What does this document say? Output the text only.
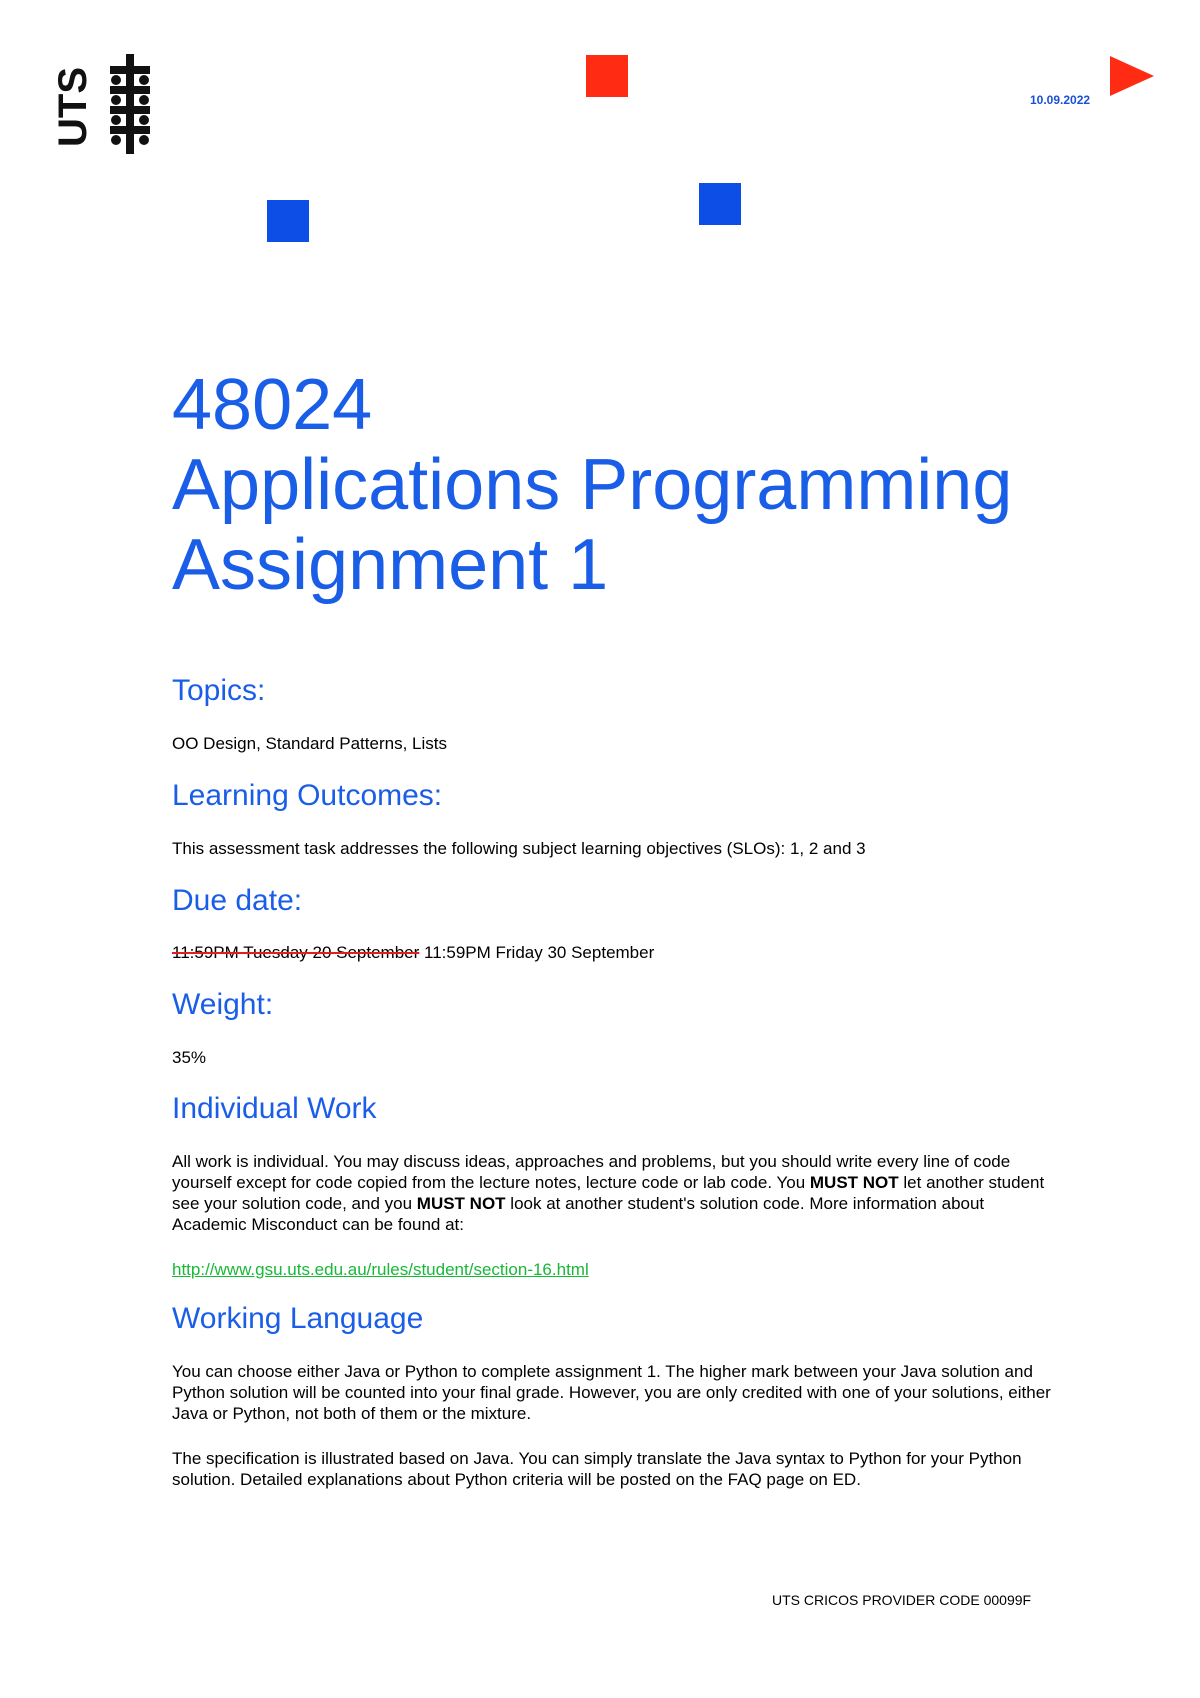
UTS	10.09.2022
48024
Applications Programming
Assignment 1
Topics:

OO Design, Standard Patterns, Lists

Learning Outcomes:

This assessment task addresses the following subject learning objectives (SLOs): 1, 2 and 3

Due date:

11:59PM Tuesday 20 September 11:59PM Friday 30 September

Weight:

35%

Individual Work

All work is individual. You may discuss ideas, approaches and problems, but you should write every line of code yourself except for code copied from the lecture notes, lecture code or lab code. You MUST NOT let another student see your solution code, and you MUST NOT look at another student's solution code. More information about Academic Misconduct can be found at:

http://www.gsu.uts.edu.au/rules/student/section-16.html

Working Language

You can choose either Java or Python to complete assignment 1. The higher mark between your Java solution and Python solution will be counted into your final grade. However, you are only credited with one of your solutions, either Java or Python, not both of them or the mixture.

The specification is illustrated based on Java. You can simply translate the Java syntax to Python for your Python solution. Detailed explanations about Python criteria will be posted on the FAQ page on ED.

UTS CRICOS PROVIDER CODE 00099F
